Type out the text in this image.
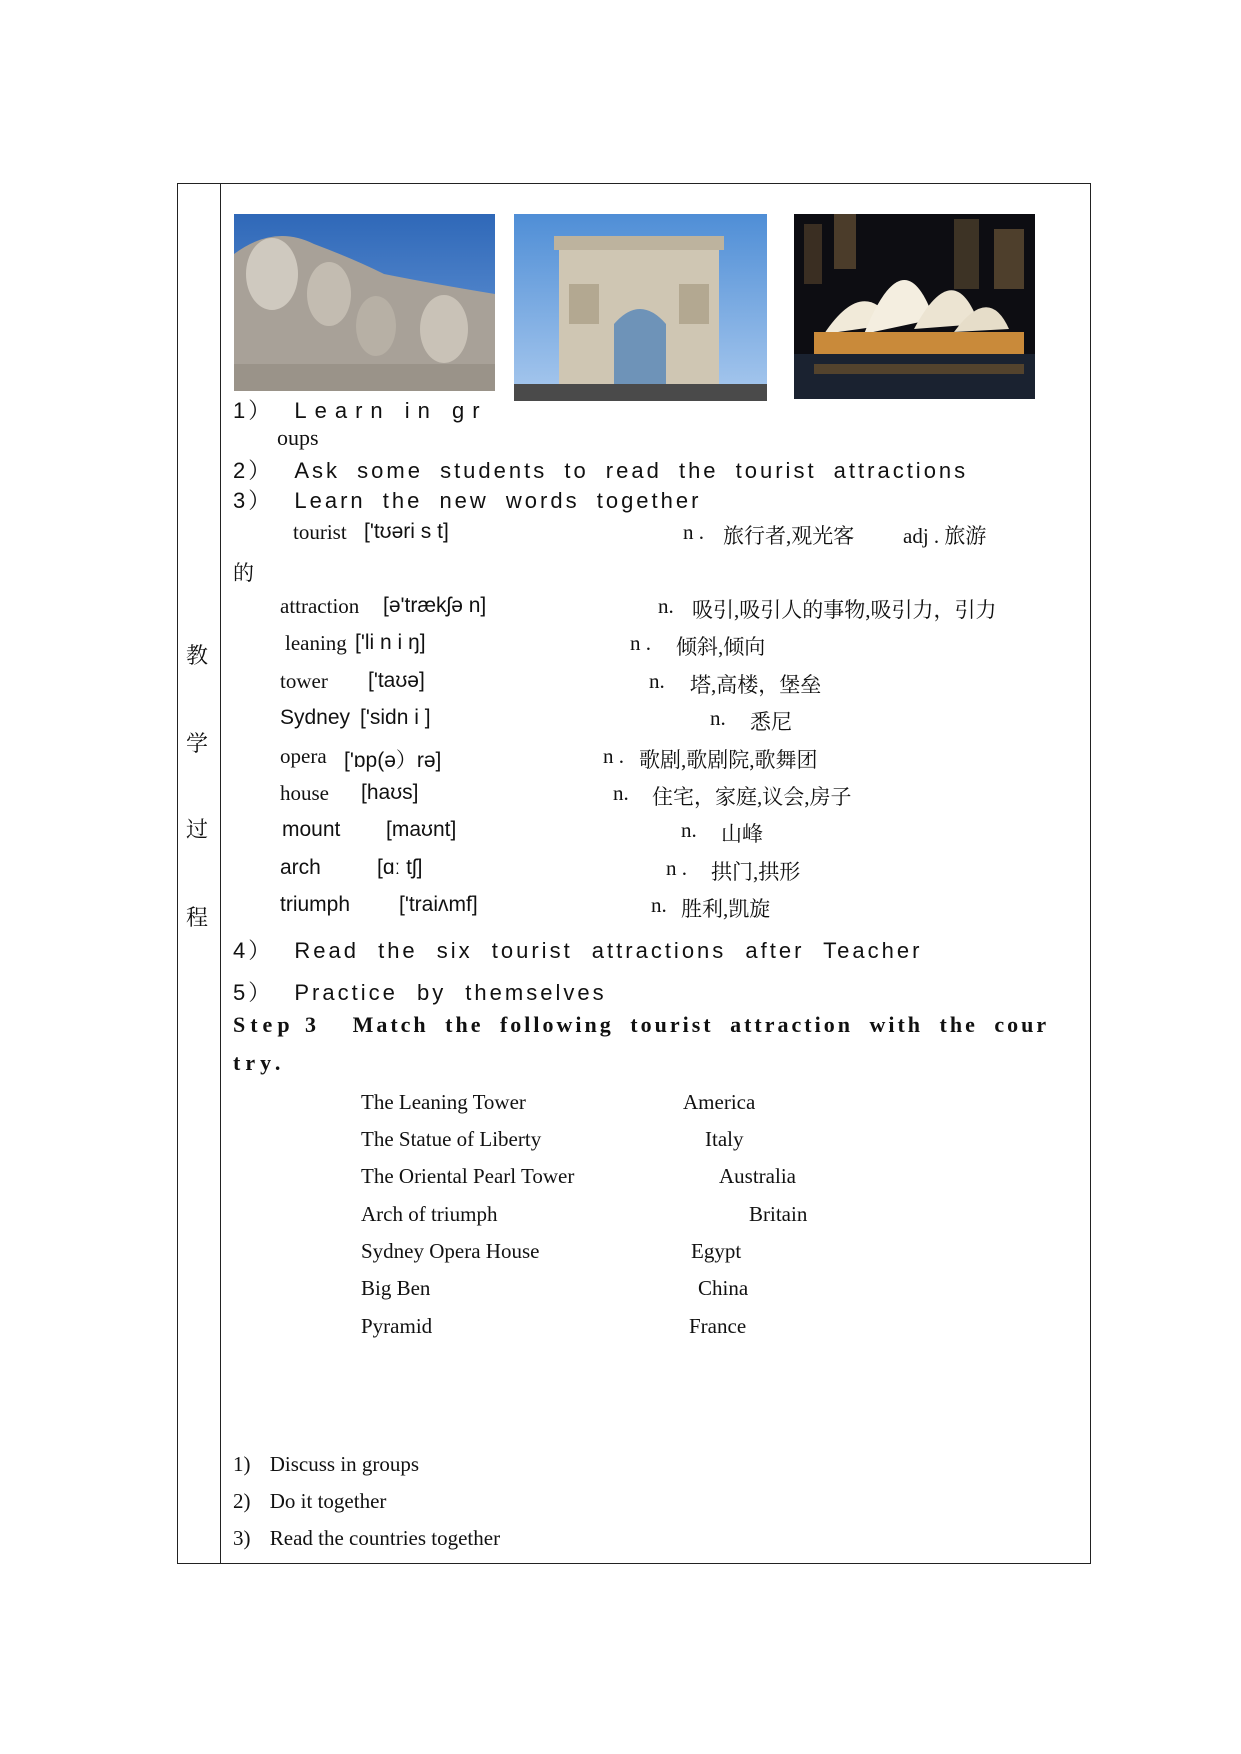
教
学
过
程
1） Learn in gr
oups
2） Ask some students to read the tourist attractions
3） Learn the new words together
tourist ['tʊəri s t]	n . 旅行者,观光客 adj . 旅游
的
attraction [ə'trækʃə n]	n. 吸引,吸引人的事物,吸引力，引力
leaning ['li n i ŋ]	n . 倾斜,倾向
tower ['taʊə]	n. 塔,高楼，堡垒
Sydney ['sidn i ]	n. 悉尼
opera ['ɒp(ə）rə]	n . 歌剧,歌剧院,歌舞团
house [haʊs]	n. 住宅，家庭,议会,房子
mount [maʊnt]	n. 山峰
arch	[ɑː tʃ]	n . 拱门,拱形
triumph ['traiʌmf]	n. 胜利,凯旋
4） Read the six tourist attractions after Teacher
5） Practice by themselves
Step 3 Match the following tourist attraction with the cour
try.
The Leaning Tower	America
The Statue of Liberty	Italy
The Oriental Pearl Tower	Australia
Arch of triumph	Britain
Sydney Opera House	Egypt
Big Ben	China
Pyramid	France
1) Discuss in groups
2) Do it together
3) Read the countries together
